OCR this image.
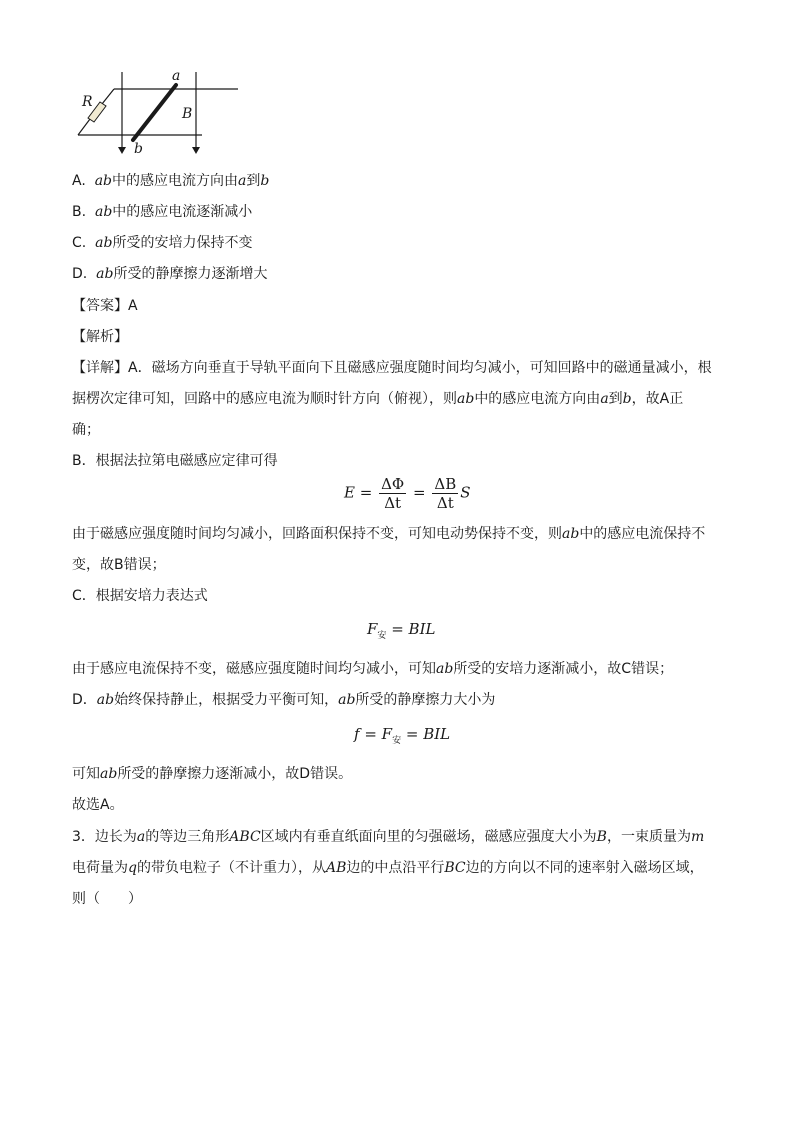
a
b
R
B
A. ab中的感应电流方向由a到b
B. ab中的感应电流逐渐减小
C. ab所受的安培力保持不变
D. ab所受的静摩擦力逐渐增大
【答案】A
【解析】
【详解】A．磁场方向垂直于导轨平面向下且磁感应强度随时间均匀减小，可知回路中的磁通量减小，根
据楞次定律可知，回路中的感应电流为顺时针方向（俯视），则ab中的感应电流方向由a到b，故A正
确；
B．根据法拉第电磁感应定律可得
$E = \frac{\Delta\Phi}{\Delta t} = \frac{\Delta B}{\Delta t}$ S
由于磁感应强度随时间均匀减小，回路面积保持不变，可知电动势保持不变，则ab中的感应电流保持不
变，故B错误；
C．根据安培力表达式
$F_安$ = BIL
由于感应电流保持不变，磁感应强度随时间均匀减小，可知ab所受的安培力逐渐减小，故C错误；
D．ab始终保持静止，根据受力平衡可知，ab所受的静摩擦力大小为
$f = F_安$ = BIL
可知ab所受的静摩擦力逐渐减小，故D错误。
故选A。
3．边长为a的等边三角形ABC区域内有垂直纸面向里的匀强磁场，磁感应强度大小为B，一束质量为m
电荷量为q的带负电粒子（不计重力），从AB边的中点沿平行BC边的方向以不同的速率射入磁场区域，
则（　　）
